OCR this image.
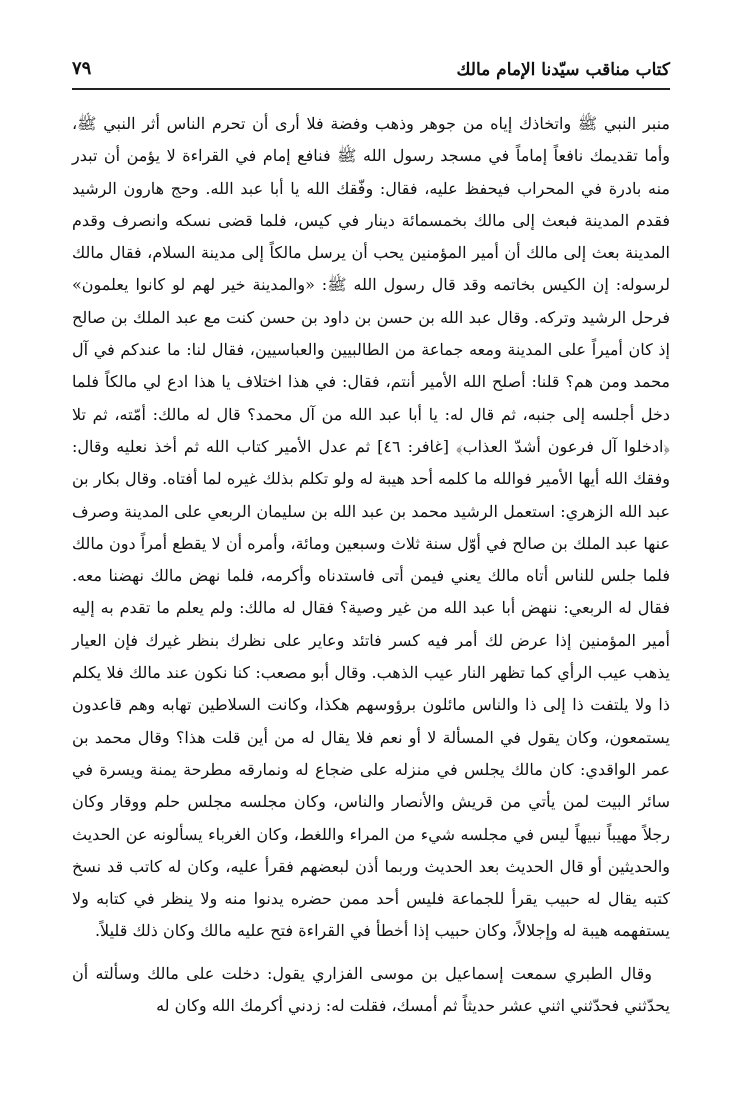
كتاب مناقب سيّدنا الإمام مالك
٧٩

منبر النبي ﷺ واتخاذك إياه من جوهر وذهب وفضة فلا أرى أن تحرم الناس أثر النبي ﷺ، وأما تقديمك نافعاً إماماً في مسجد رسول الله ﷺ فنافع إمام في القراءة لا يؤمن أن تبدر منه بادرة في المحراب فيحفظ عليه، فقال: وفّقك الله يا أبا عبد الله. وحج هارون الرشيد فقدم المدينة فبعث إلى مالك بخمسمائة دينار في كيس، فلما قضى نسكه وانصرف وقدم المدينة بعث إلى مالك أن أمير المؤمنين يحب أن يرسل مالكاً إلى مدينة السلام، فقال مالك لرسوله: إن الكيس بخاتمه وقد قال رسول الله ﷺ: «والمدينة خير لهم لو كانوا يعلمون» فرحل الرشيد وتركه. وقال عبد الله بن حسن بن داود بن حسن كنت مع عبد الملك بن صالح إذ كان أميراً على المدينة ومعه جماعة من الطالبيين والعباسيين، فقال لنا: ما عندكم في آل محمد ومن هم؟ قلنا: أصلح الله الأمير أنتم، فقال: في هذا اختلاف يا هذا ادع لي مالكاً فلما دخل أجلسه إلى جنبه، ثم قال له: يا أبا عبد الله من آل محمد؟ قال له مالك: أمّته، ثم تلا ﴿ادخلوا آل فرعون أشدّ العذاب﴾ [غافر: ٤٦] ثم عدل الأمير كتاب الله ثم أخذ نعليه وقال: وفقك الله أيها الأمير فوالله ما كلمه أحد هيبة له ولو تكلم بذلك غيره لما أفتاه. وقال بكار بن عبد الله الزهري: استعمل الرشيد محمد بن عبد الله بن سليمان الربعي على المدينة وصرف عنها عبد الملك بن صالح في أوّل سنة ثلاث وسبعين ومائة، وأمره أن لا يقطع أمراً دون مالك فلما جلس للناس أتاه مالك يعني فيمن أتى فاستدناه وأكرمه، فلما نهض مالك نهضنا معه. فقال له الربعي: ننهض أبا عبد الله من غير وصية؟ فقال له مالك: ولم يعلم ما تقدم به إليه أمير المؤمنين إذا عرض لك أمر فيه كسر فاتئد وعاير على نظرك بنظر غيرك فإن العيار يذهب عيب الرأي كما تظهر النار عيب الذهب. وقال أبو مصعب: كنا نكون عند مالك فلا يكلم ذا ولا يلتفت ذا إلى ذا والناس مائلون برؤوسهم هكذا، وكانت السلاطين تهابه وهم قاعدون يستمعون، وكان يقول في المسألة لا أو نعم فلا يقال له من أين قلت هذا؟ وقال محمد بن عمر الواقدي: كان مالك يجلس في منزله على ضجاع له ونمارقه مطرحة يمنة ويسرة في سائر البيت لمن يأتي من قريش والأنصار والناس، وكان مجلسه مجلس حلم ووقار وكان رجلاً مهيباً نبيهاً ليس في مجلسه شيء من المراء واللغط، وكان الغرباء يسألونه عن الحديث والحديثين أو قال الحديث بعد الحديث وربما أذن لبعضهم فقرأ عليه، وكان له كاتب قد نسخ كتبه يقال له حبيب يقرأ للجماعة فليس أحد ممن حضره يدنوا منه ولا ينظر في كتابه ولا يستفهمه هيبة له وإجلالاً، وكان حبيب إذا أخطأ في القراءة فتح عليه مالك وكان ذلك قليلاً.

وقال الطبري سمعت إسماعيل بن موسى الفزاري يقول: دخلت على مالك وسألته أن يحدّثني فحدّثني اثني عشر حديثاً ثم أمسك، فقلت له: زدني أكرمك الله وكان له
